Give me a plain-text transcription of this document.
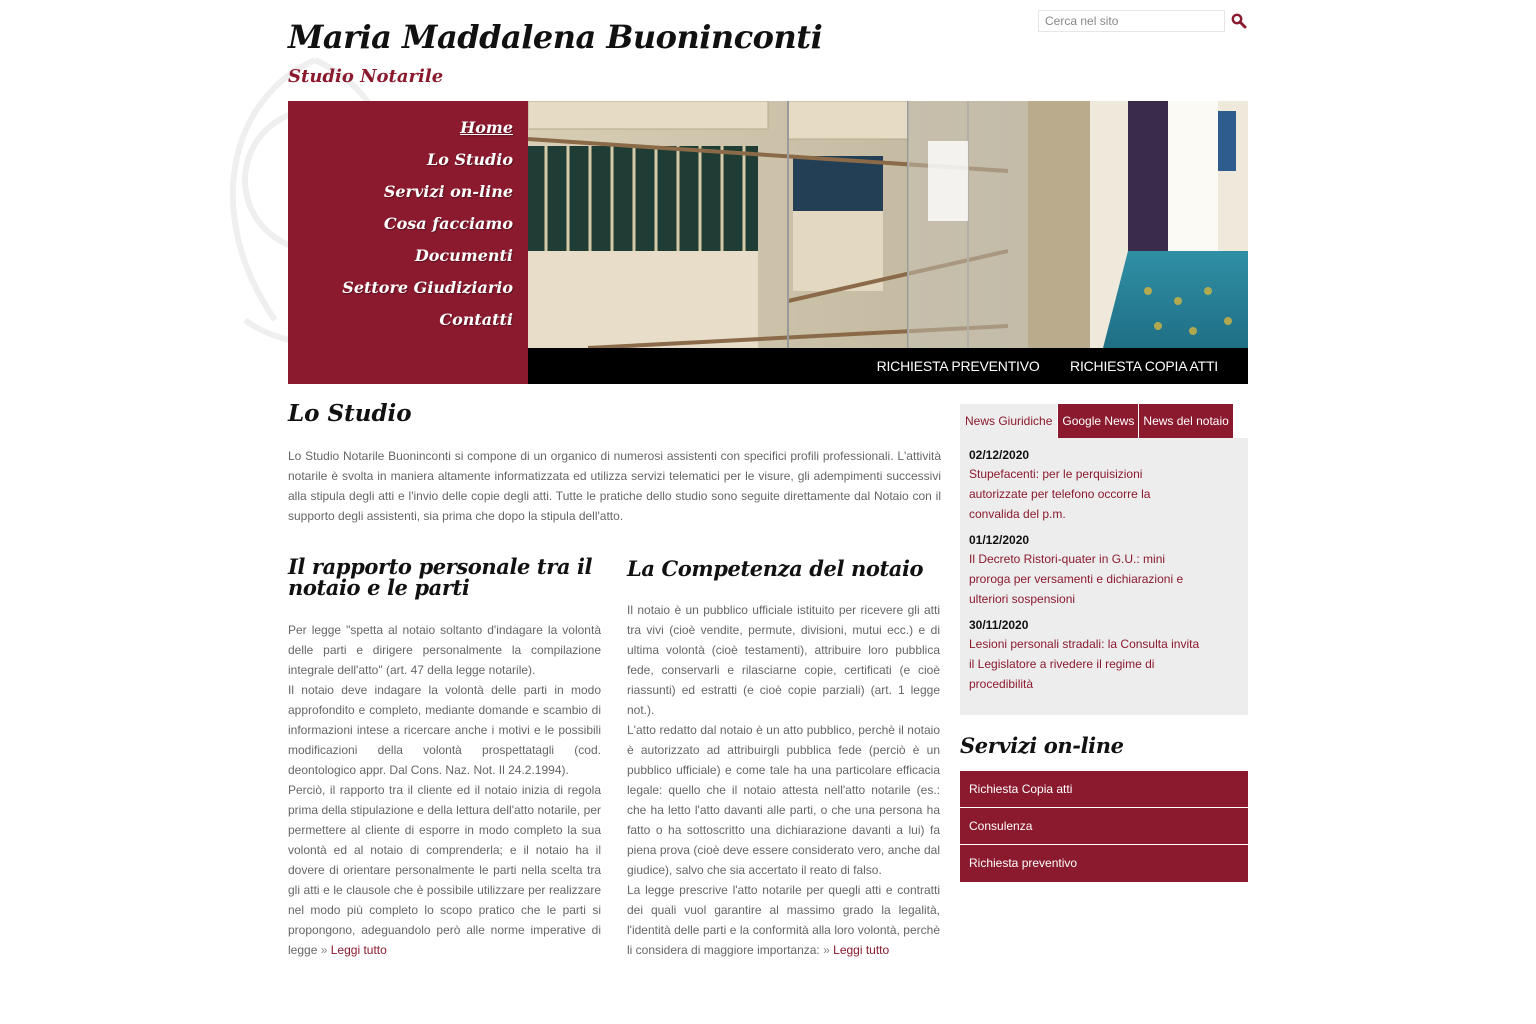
Maria Maddalena Buoninconti
Studio Notarile
Cerca nel sito
Home
Lo Studio
Servizi on-line
Cosa facciamo
Documenti
Settore Giudiziario
Contatti
RICHIESTA PREVENTIVO RICHIESTA COPIA ATTI
Lo Studio

Lo Studio Notarile Buoninconti si compone di un organico di numerosi assistenti con specifici profili professionali. L'attività notarile è svolta in maniera altamente informatizzata ed utilizza servizi telematici per le visure, gli adempimenti successivi alla stipula degli atti e l'invio delle copie degli atti. Tutte le pratiche dello studio sono seguite direttamente dal Notaio con il supporto degli assistenti, sia prima che dopo la stipula dell'atto.

Il rapporto personale tra il notaio e le parti

Per legge "spetta al notaio soltanto d'indagare la volontà delle parti e dirigere personalmente la compilazione integrale dell'atto" (art. 47 della legge notarile).

Il notaio deve indagare la volontà delle parti in modo approfondito e completo, mediante domande e scambio di informazioni intese a ricercare anche i motivi e le possibili modificazioni della volontà prospettatagli (cod. deontologico appr. Dal Cons. Naz. Not. Il 24.2.1994).

Perciò, il rapporto tra il cliente ed il notaio inizia di regola prima della stipulazione e della lettura dell'atto notarile, per permettere al cliente di esporre in modo completo la sua volontà ed al notaio di comprenderla; e il notaio ha il dovere di orientare personalmente le parti nella scelta tra gli atti e le clausole che è possibile utilizzare per realizzare nel modo più completo lo scopo pratico che le parti si propongono, adeguandolo però alle norme imperative di legge » Leggi tutto

La Competenza del notaio

Il notaio è un pubblico ufficiale istituito per ricevere gli atti tra vivi (cioè vendite, permute, divisioni, mutui ecc.) e di ultima volontà (cioè testamenti), attribuire loro pubblica fede, conservarli e rilasciarne copie, certificati (e cioè riassunti) ed estratti (e cioè copie parziali) (art. 1 legge not.).

L'atto redatto dal notaio è un atto pubblico, perchè il notaio è autorizzato ad attribuirgli pubblica fede (perciò è un pubblico ufficiale) e come tale ha una particolare efficacia legale: quello che il notaio attesta nell'atto notarile (es.: che ha letto l'atto davanti alle parti, o che una persona ha fatto o ha sottoscritto una dichiarazione davanti a lui) fa piena prova (cioè deve essere considerato vero, anche dal giudice), salvo che sia accertato il reato di falso.

La legge prescrive l'atto notarile per quegli atti e contratti dei quali vuol garantire al massimo grado la legalità, l'identità delle parti e la conformità alla loro volontà, perchè li considera di maggiore importanza: » Leggi tutto

News Giuridiche Google News News del notaio
02/12/2020
Stupefacenti: per le perquisizioni autorizzate per telefono occorre la convalida del p.m.
01/12/2020
Il Decreto Ristori-quater in G.U.: mini proroga per versamenti e dichiarazioni e ulteriori sospensioni
30/11/2020
Lesioni personali stradali: la Consulta invita il Legislatore a rivedere il regime di procedibilità
Servizi on-line
Richiesta Copia atti
Consulenza
Richiesta preventivo
